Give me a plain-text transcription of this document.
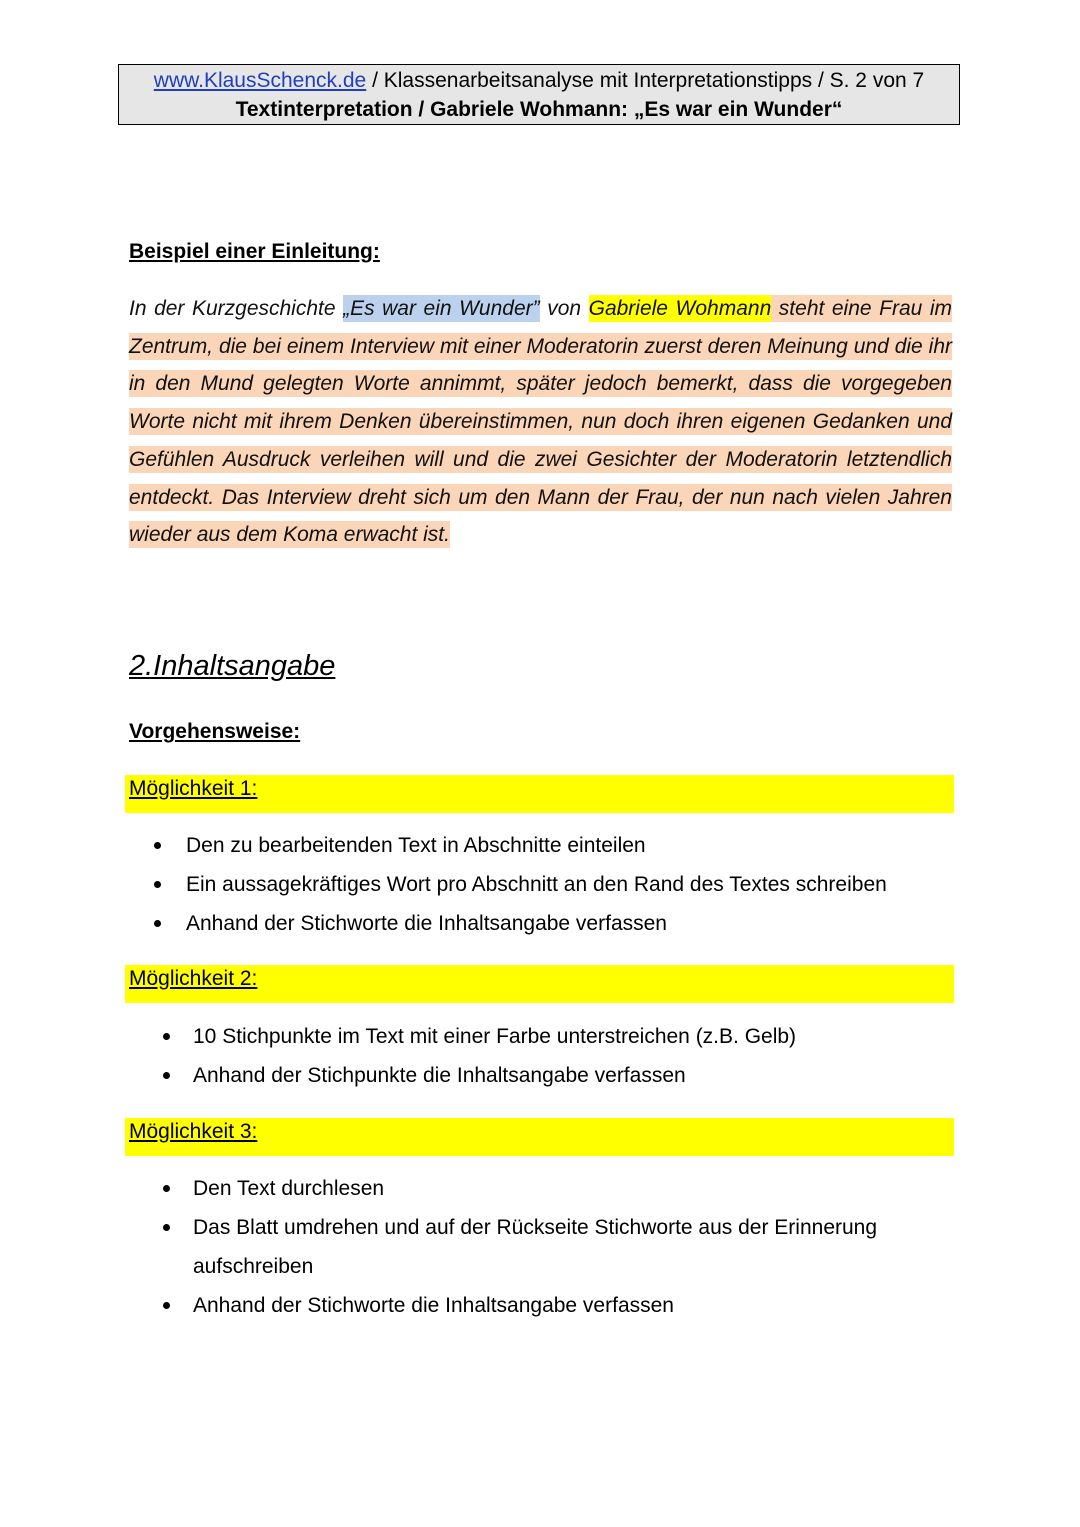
www.KlausSchenck.de / Klassenarbeitsanalyse mit Interpretationstipps / S. 2 von 7
Textinterpretation / Gabriele Wohmann: „Es war ein Wunder“
Beispiel einer Einleitung:
In der Kurzgeschichte „Es war ein Wunder” von Gabriele Wohmann steht eine Frau im Zentrum, die bei einem Interview mit einer Moderatorin zuerst deren Meinung und die ihr in den Mund gelegten Worte annimmt, später jedoch bemerkt, dass die vorgegeben Worte nicht mit ihrem Denken übereinstimmen, nun doch ihren eigenen Gedanken und Gefühlen Ausdruck verleihen will und die zwei Gesichter der Moderatorin letztendlich entdeckt. Das Interview dreht sich um den Mann der Frau, der nun nach vielen Jahren wieder aus dem Koma erwacht ist.
2.Inhaltsangabe
Vorgehensweise:
Möglichkeit 1:
Den zu bearbeitenden Text in Abschnitte einteilen
Ein aussagekräftiges Wort pro Abschnitt an den Rand des Textes schreiben
Anhand der Stichworte die Inhaltsangabe verfassen
Möglichkeit 2:
10 Stichpunkte im Text mit einer Farbe unterstreichen (z.B. Gelb)
Anhand der Stichpunkte die Inhaltsangabe verfassen
Möglichkeit 3:
Den Text durchlesen
Das Blatt umdrehen und auf der Rückseite Stichworte aus der Erinnerung aufschreiben
Anhand der Stichworte die Inhaltsangabe verfassen
